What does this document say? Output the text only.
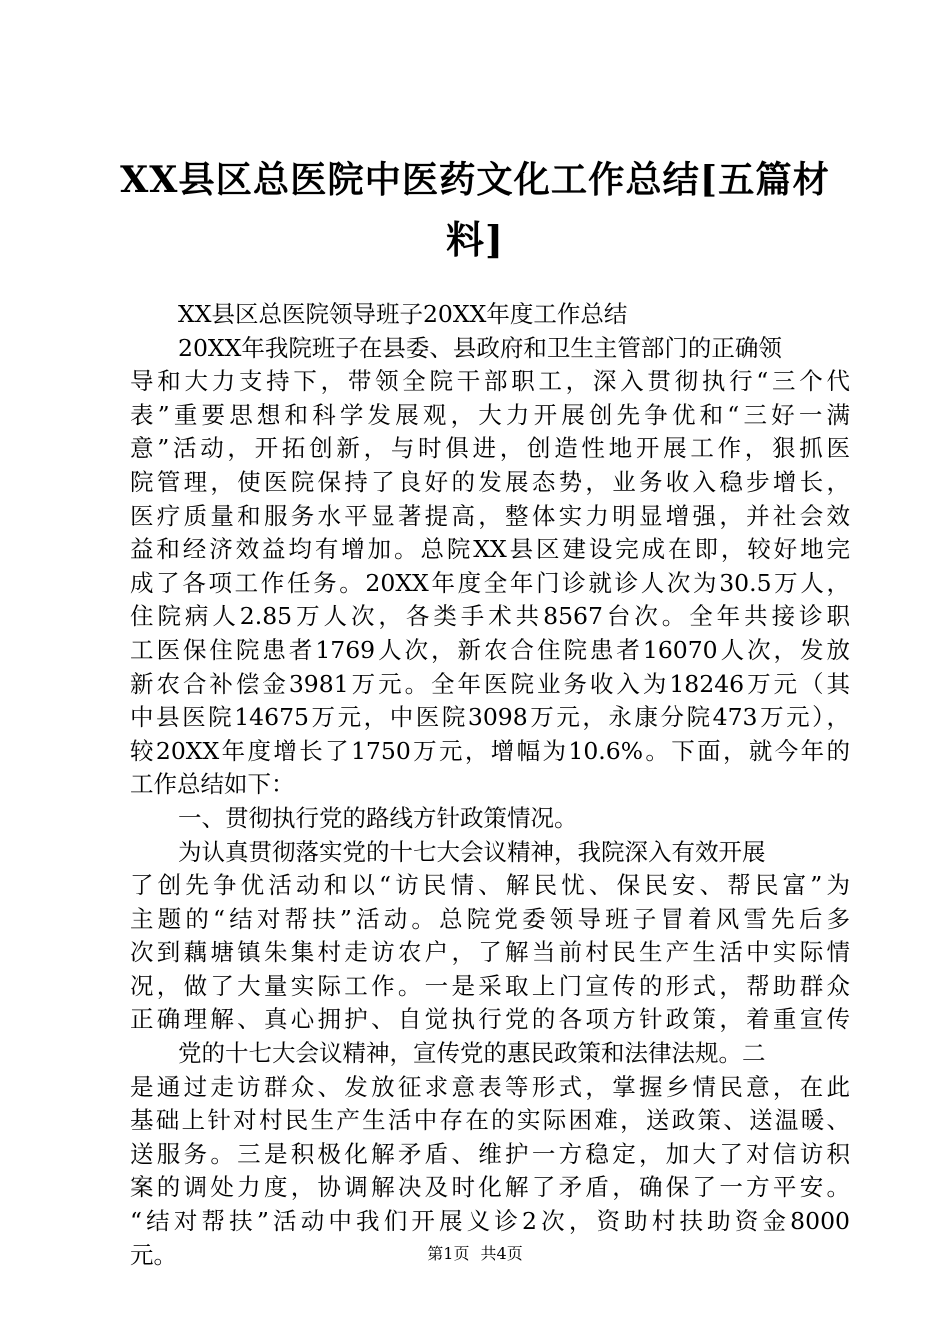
XX县区总医院中医药文化工作总结[五篇材
料]
XX县区总医院领导班子20XX年度工作总结
20XX年我院班子在县委、县政府和卫生主管部门的正确领
导和大力支持下，带领全院干部职工，深入贯彻执行“三个代
表”重要思想和科学发展观，大力开展创先争优和“三好一满
意”活动，开拓创新，与时俱进，创造性地开展工作，狠抓医
院管理，使医院保持了良好的发展态势，业务收入稳步增长，
医疗质量和服务水平显著提高，整体实力明显增强，并社会效
益和经济效益均有增加。总院XX县区建设完成在即，较好地完
成了各项工作任务。20XX年度全年门诊就诊人次为30.5万人，
住院病人2.85万人次，各类手术共8567台次。全年共接诊职
工医保住院患者1769人次，新农合住院患者16070人次，发放
新农合补偿金3981万元。全年医院业务收入为18246万元（其
中县医院14675万元，中医院3098万元，永康分院473万元），
较20XX年度增长了1750万元，增幅为10.6%。下面，就今年的
工作总结如下：
一、贯彻执行党的路线方针政策情况。
为认真贯彻落实党的十七大会议精神，我院深入有效开展
了创先争优活动和以“访民情、解民忧、保民安、帮民富”为
主题的“结对帮扶”活动。总院党委领导班子冒着风雪先后多
次到藕塘镇朱集村走访农户，了解当前村民生产生活中实际情
况，做了大量实际工作。一是采取上门宣传的形式，帮助群众
正确理解、真心拥护、自觉执行党的各项方针政策，着重宣传
党的十七大会议精神，宣传党的惠民政策和法律法规。二
是通过走访群众、发放征求意表等形式，掌握乡情民意，在此
基础上针对村民生产生活中存在的实际困难，送政策、送温暖、
送服务。三是积极化解矛盾、维护一方稳定，加大了对信访积
案的调处力度，协调解决及时化解了矛盾，确保了一方平安。
“结对帮扶”活动中我们开展义诊2次，资助村扶助资金8000
元。	第1页 共4页
